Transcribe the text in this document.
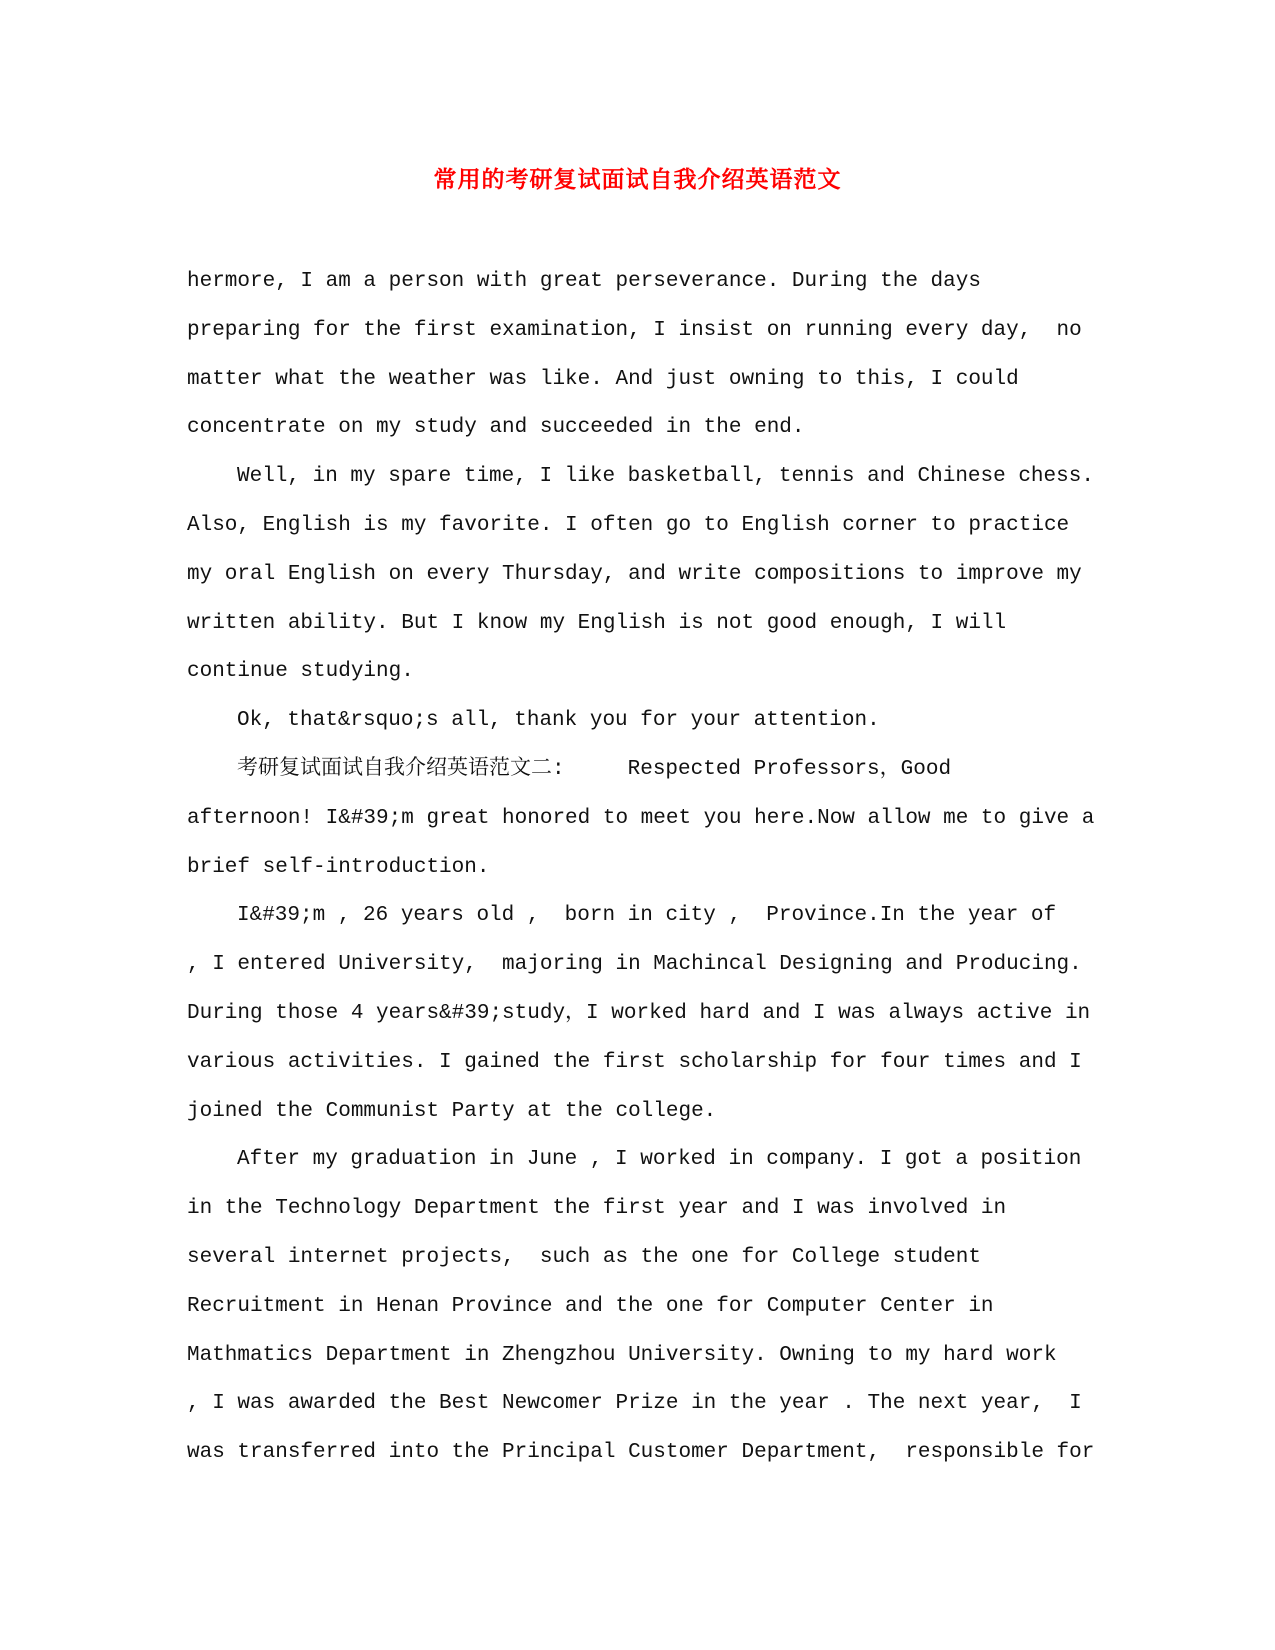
常用的考研复试面试自我介绍英语范文
hermore, I am a person with great perseverance. During the days
preparing for the first examination, I insist on running every day,  no
matter what the weather was like. And just owning to this, I could
concentrate on my study and succeeded in the end.
Well, in my spare time, I like basketball, tennis and Chinese chess.
Also, English is my favorite. I often go to English corner to practice
my oral English on every Thursday, and write compositions to improve my
written ability. But I know my English is not good enough, I will
continue studying.
Ok, that&rsquo;s all, thank you for your attention.
考研复试面试自我介绍英语范文二:     Respected Professors，Good
afternoon! I&#39;m great honored to meet you here.Now allow me to give a
brief self-introduction.
I&#39;m , 26 years old ,  born in city ,  Province.In the year of
, I entered University,  majoring in Machincal Designing and Producing.
During those 4 years&#39;study，I worked hard and I was always active in
various activities. I gained the first scholarship for four times and I
joined the Communist Party at the college.
After my graduation in June , I worked in company. I got a position
in the Technology Department the first year and I was involved in
several internet projects,  such as the one for College student
Recruitment in Henan Province and the one for Computer Center in
Mathmatics Department in Zhengzhou University. Owning to my hard work
, I was awarded the Best Newcomer Prize in the year . The next year,  I
was transferred into the Principal Customer Department,  responsible for
